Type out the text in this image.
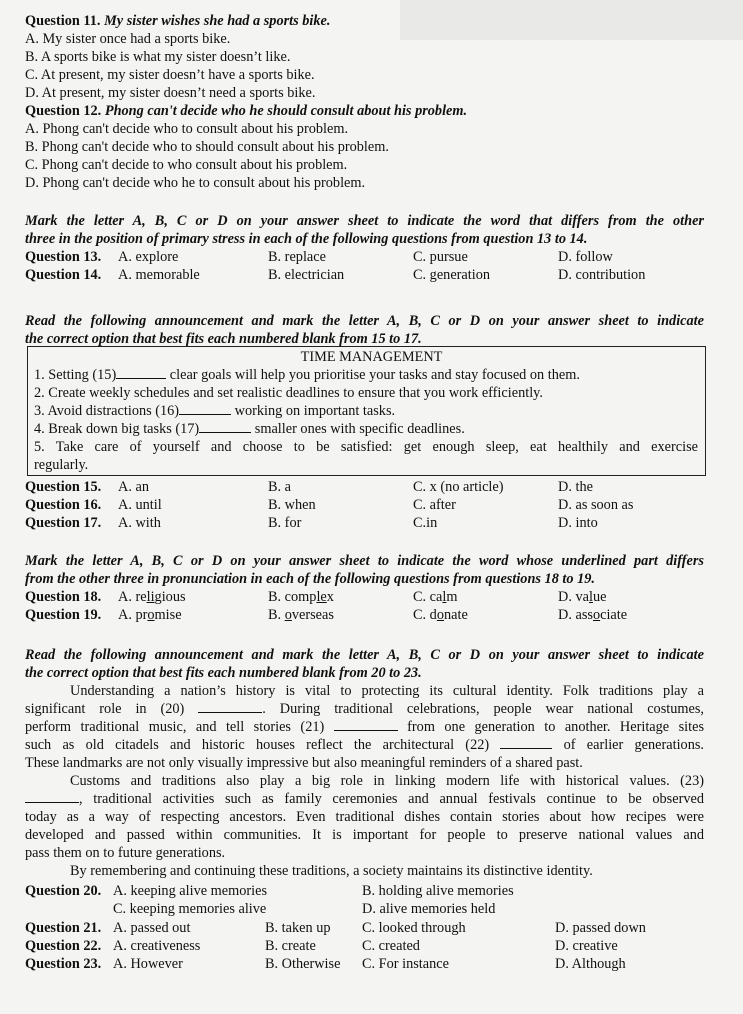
Question 11. My sister wishes she had a sports bike.
A. My sister once had a sports bike.
B. A sports bike is what my sister doesn’t like.
C. At present, my sister doesn’t have a sports bike.
D. At present, my sister doesn’t need a sports bike.
Question 12. Phong can't decide who he should consult about his problem.
A. Phong can't decide who to consult about his problem.
B. Phong can't decide who to should consult about his problem.
C. Phong can't decide to who consult about his problem.
D. Phong can't decide who he to consult about his problem.
Mark the letter A, B, C or D on your answer sheet to indicate the word that differs from the other
three in the position of primary stress in each of the following questions from question 13 to 14.
Question 13. A. explore	B. replace	C. pursue	D. follow
Question 14. A. memorable	B. electrician	C. generation	D. contribution
Read the following announcement and mark the letter A, B, C or D on your answer sheet to indicate
the correct option that best fits each numbered blank from 15 to 17.
TIME MANAGEMENT
1. Setting (15)	clear goals will help you prioritise your tasks and stay focused on them.
2. Create weekly schedules and set realistic deadlines to ensure that you work efficiently.
3. Avoid distractions (16)	working on important tasks.
4. Break down big tasks (17)	smaller ones with specific deadlines.
5. Take care of yourself and choose to be satisfied: get enough sleep, eat healthily and exercise
regularly.
Question 15. A. an	B. a	C. x (no article)	D. the
Question 16. A. until	B. when	C. after	D. as soon as
Question 17. A. with	B. for	C.in	D. into
Mark the letter A, B, C or D on your answer sheet to indicate the word whose underlined part differs
from the other three in pronunciation in each of the following questions from questions 18 to 19.
Question 18. A. religious	B. complex	C. calm	D. value
Question 19. A. promise	B. overseas	C. donate	D. associate
Read the following announcement and mark the letter A, B, C or D on your answer sheet to indicate
the correct option that best fits each numbered blank from 20 to 23.
Understanding a nation’s history is vital to protecting its cultural identity. Folk traditions play a
significant role in (20)	. During traditional celebrations, people wear national costumes,
perform traditional music, and tell stories (21)	from one generation to another. Heritage sites
such as old citadels and historic houses reflect the architectural (22)	of earlier generations.
These landmarks are not only visually impressive but also meaningful reminders of a shared past.
Customs and traditions also play a big role in linking modern life with historical values. (23)
, traditional activities such as family ceremonies and annual festivals continue to be observed
today as a way of respecting ancestors. Even traditional dishes contain stories about how recipes were
developed and passed within communities. It is important for people to preserve national values and
pass them on to future generations.
By remembering and continuing these traditions, a society maintains its distinctive identity.
Question 20. A. keeping alive memories	B. holding alive memories
C. keeping memories alive	D. alive memories held
Question 21. A. passed out	B. taken up C. looked through	D. passed down
Question 22. A. creativeness	B. create	C. created	D. creative
Question 23. A. However	B. Otherwise C. For instance	D. Although
